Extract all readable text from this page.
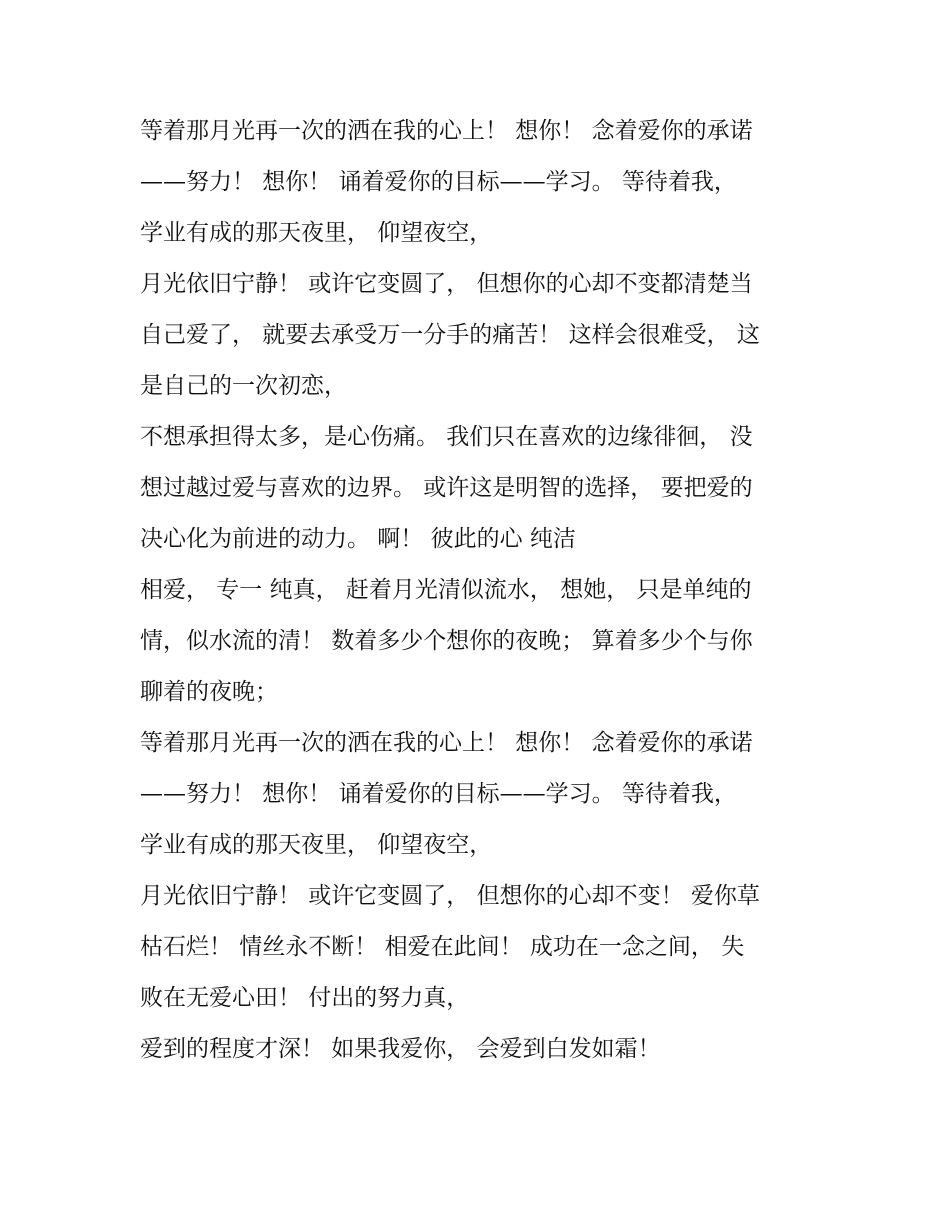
等着那月光再一次的洒在我的心上！ 想你！ 念着爱你的承诺
——努力！ 想你！ 诵着爱你的目标——学习。 等待着我，
学业有成的那天夜里， 仰望夜空，
月光依旧宁静！ 或许它变圆了， 但想你的心却不变都清楚当
自己爱了， 就要去承受万一分手的痛苦！ 这样会很难受， 这
是自己的一次初恋，
不想承担得太多，是心伤痛。 我们只在喜欢的边缘徘徊， 没
想过越过爱与喜欢的边界。 或许这是明智的选择， 要把爱的
决心化为前进的动力。 啊！ 彼此的心 纯洁
相爱， 专一 纯真， 赶着月光清似流水， 想她， 只是单纯的
情，似水流的清！ 数着多少个想你的夜晚； 算着多少个与你
聊着的夜晚；
等着那月光再一次的洒在我的心上！ 想你！ 念着爱你的承诺
——努力！ 想你！ 诵着爱你的目标——学习。 等待着我，
学业有成的那天夜里， 仰望夜空，
月光依旧宁静！ 或许它变圆了， 但想你的心却不变！ 爱你草
枯石烂！ 情丝永不断！ 相爱在此间！ 成功在一念之间， 失
败在无爱心田！ 付出的努力真，
爱到的程度才深！ 如果我爱你， 会爱到白发如霜！
